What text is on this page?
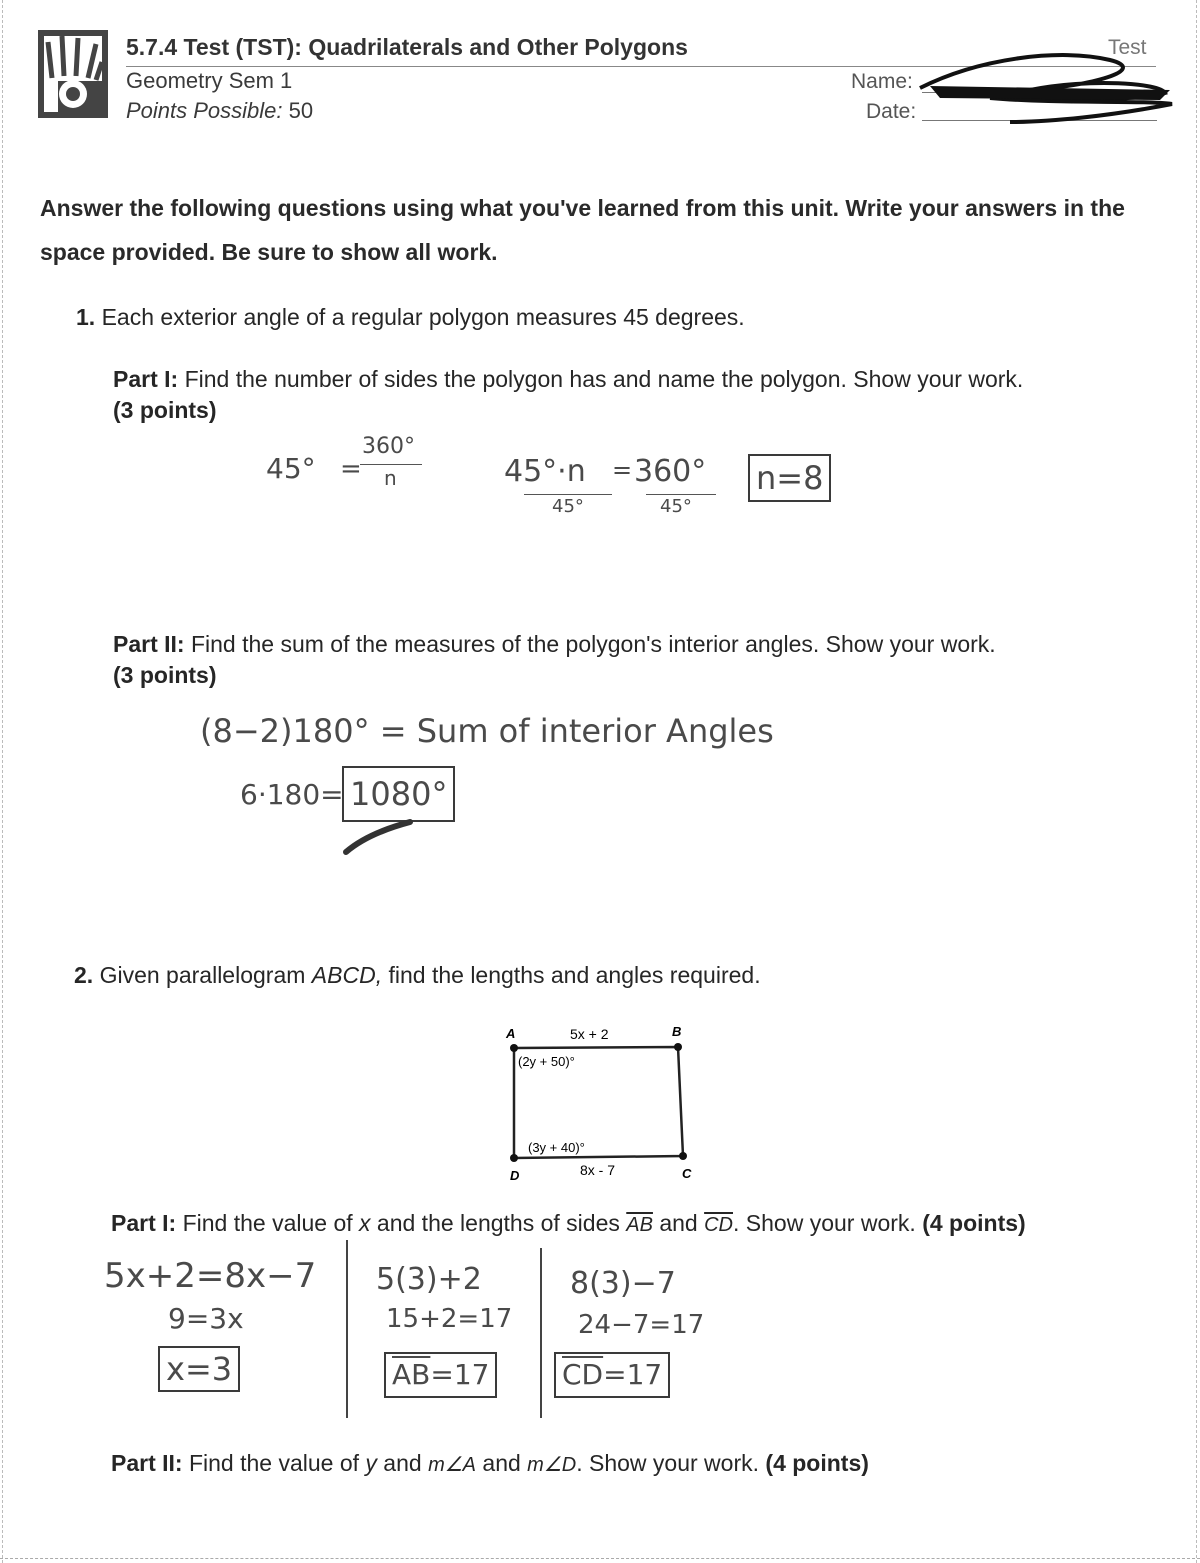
5.7.4 Test (TST): Quadrilaterals and Other Polygons
Geometry Sem 1
Points Possible: 50
Name:
Date:
Test
Answer the following questions using what you've learned from this unit. Write your answers in the space provided. Be sure to show all work.
1. Each exterior angle of a regular polygon measures 45 degrees.
Part I: Find the number of sides the polygon has and name the polygon. Show your work.
(3 points)
45° =
360°
n	45°·n = 360°
45°	45°
n=8
Part II: Find the sum of the measures of the polygon's interior angles. Show your work.
(3 points)
(8−2)180° = Sum of interior Angles
6·180= 1080°
2. Given parallelogram ABCD, find the lengths and angles required.
A	B
C
D
5x + 2
8x - 7
(2y + 50)°
(3y + 40)°
Part I: Find the value of x and the lengths of sides $\overline{AB}$ and $\overline{CD}$. Show your work. (4 points)
5x+2=8x−7
9=3x
x=3
5(3)+2
15+2=17
$\overline{AB}=17$
8(3)−7
24−7=17
$\overline{CD}=17$
Part II: Find the value of y and m∠A and m∠D. Show your work. (4 points)
